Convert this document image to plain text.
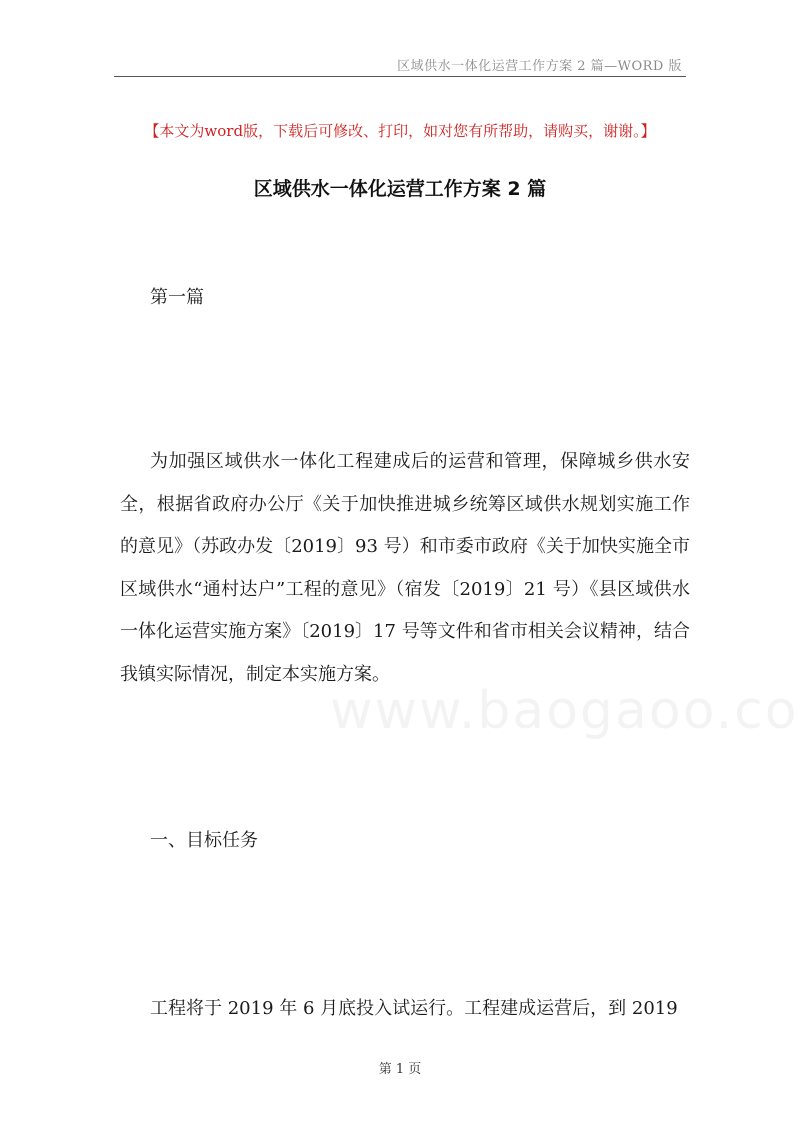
区域供水一体化运营工作方案 2 篇—WORD 版
【本文为word版，下载后可修改、打印，如对您有所帮助，请购买，谢谢。】
区域供水一体化运营工作方案 2 篇
第一篇

为加强区域供水一体化工程建成后的运营和管理，保障城乡供水安全，根据省政府办公厅《关于加快推进城乡统筹区域供水规划实施工作的意见》（苏政办发〔2019〕93 号）和市委市政府《关于加快实施全市区域供水“通村达户”工程的意见》（宿发〔2019〕21 号）《县区域供水一体化运营实施方案》〔2019〕17 号等文件和省市相关会议精神，结合我镇实际情况，制定本实施方案。

一、目标任务
工程将于 2019 年 6 月底投入试运行。工程建成运营后，到 2019
第 1 页
